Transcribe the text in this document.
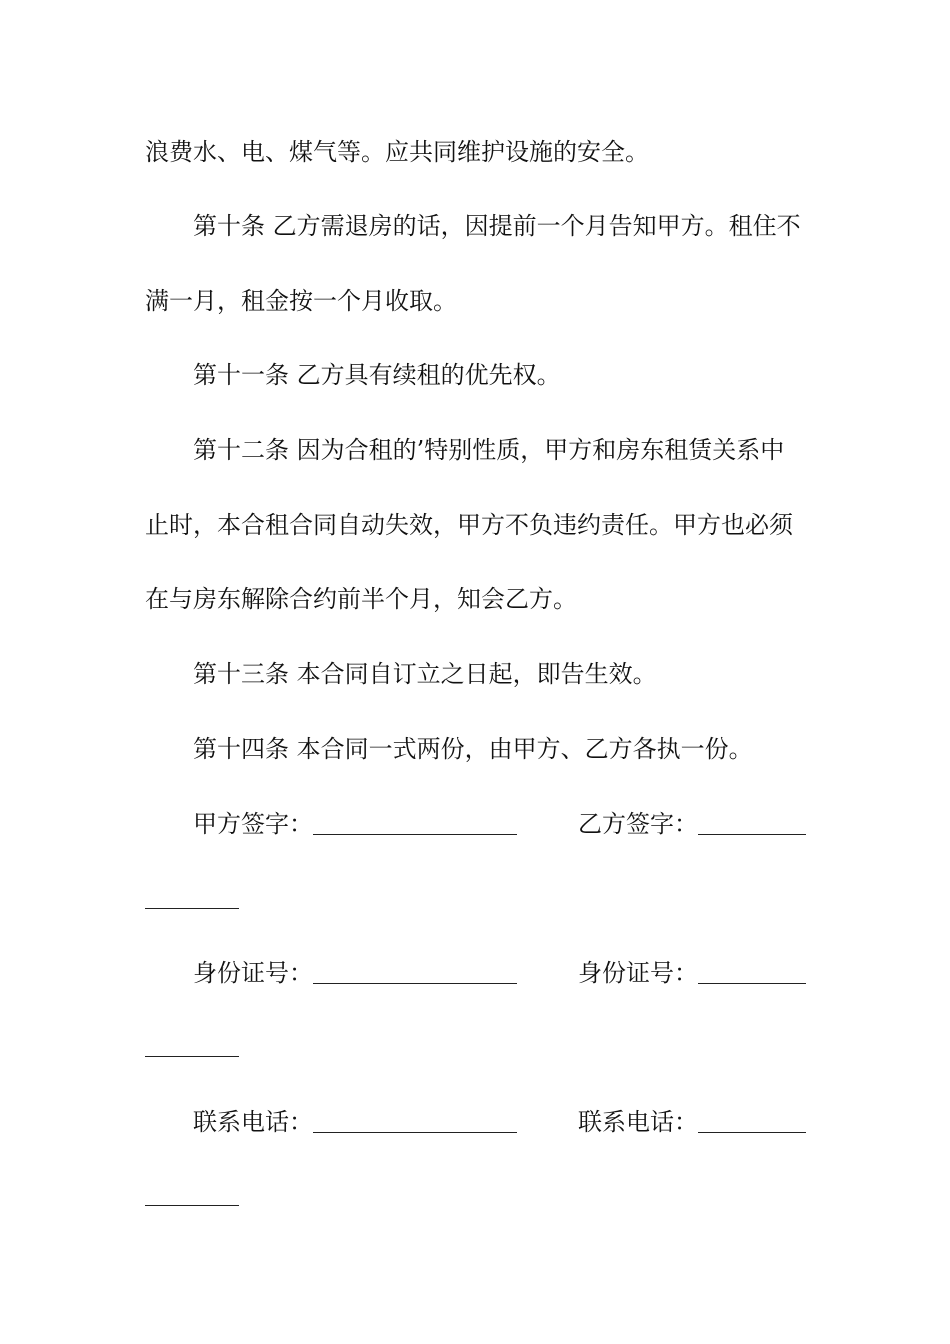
浪费水、电、煤气等。应共同维护设施的安全。
第十条 乙方需退房的话，因提前一个月告知甲方。租住不
满一月，租金按一个月收取。
第十一条 乙方具有续租的优先权。
第十二条 因为合租的’特别性质，甲方和房东租赁关系中
止时，本合租合同自动失效，甲方不负违约责任。甲方也必须
在与房东解除合约前半个月，知会乙方。
第十三条 本合同自订立之日起，即告生效。
第十四条 本合同一式两份，由甲方、乙方各执一份。
甲方签字：	乙方签字：
身份证号：	身份证号：
联系电话：	联系电话：
